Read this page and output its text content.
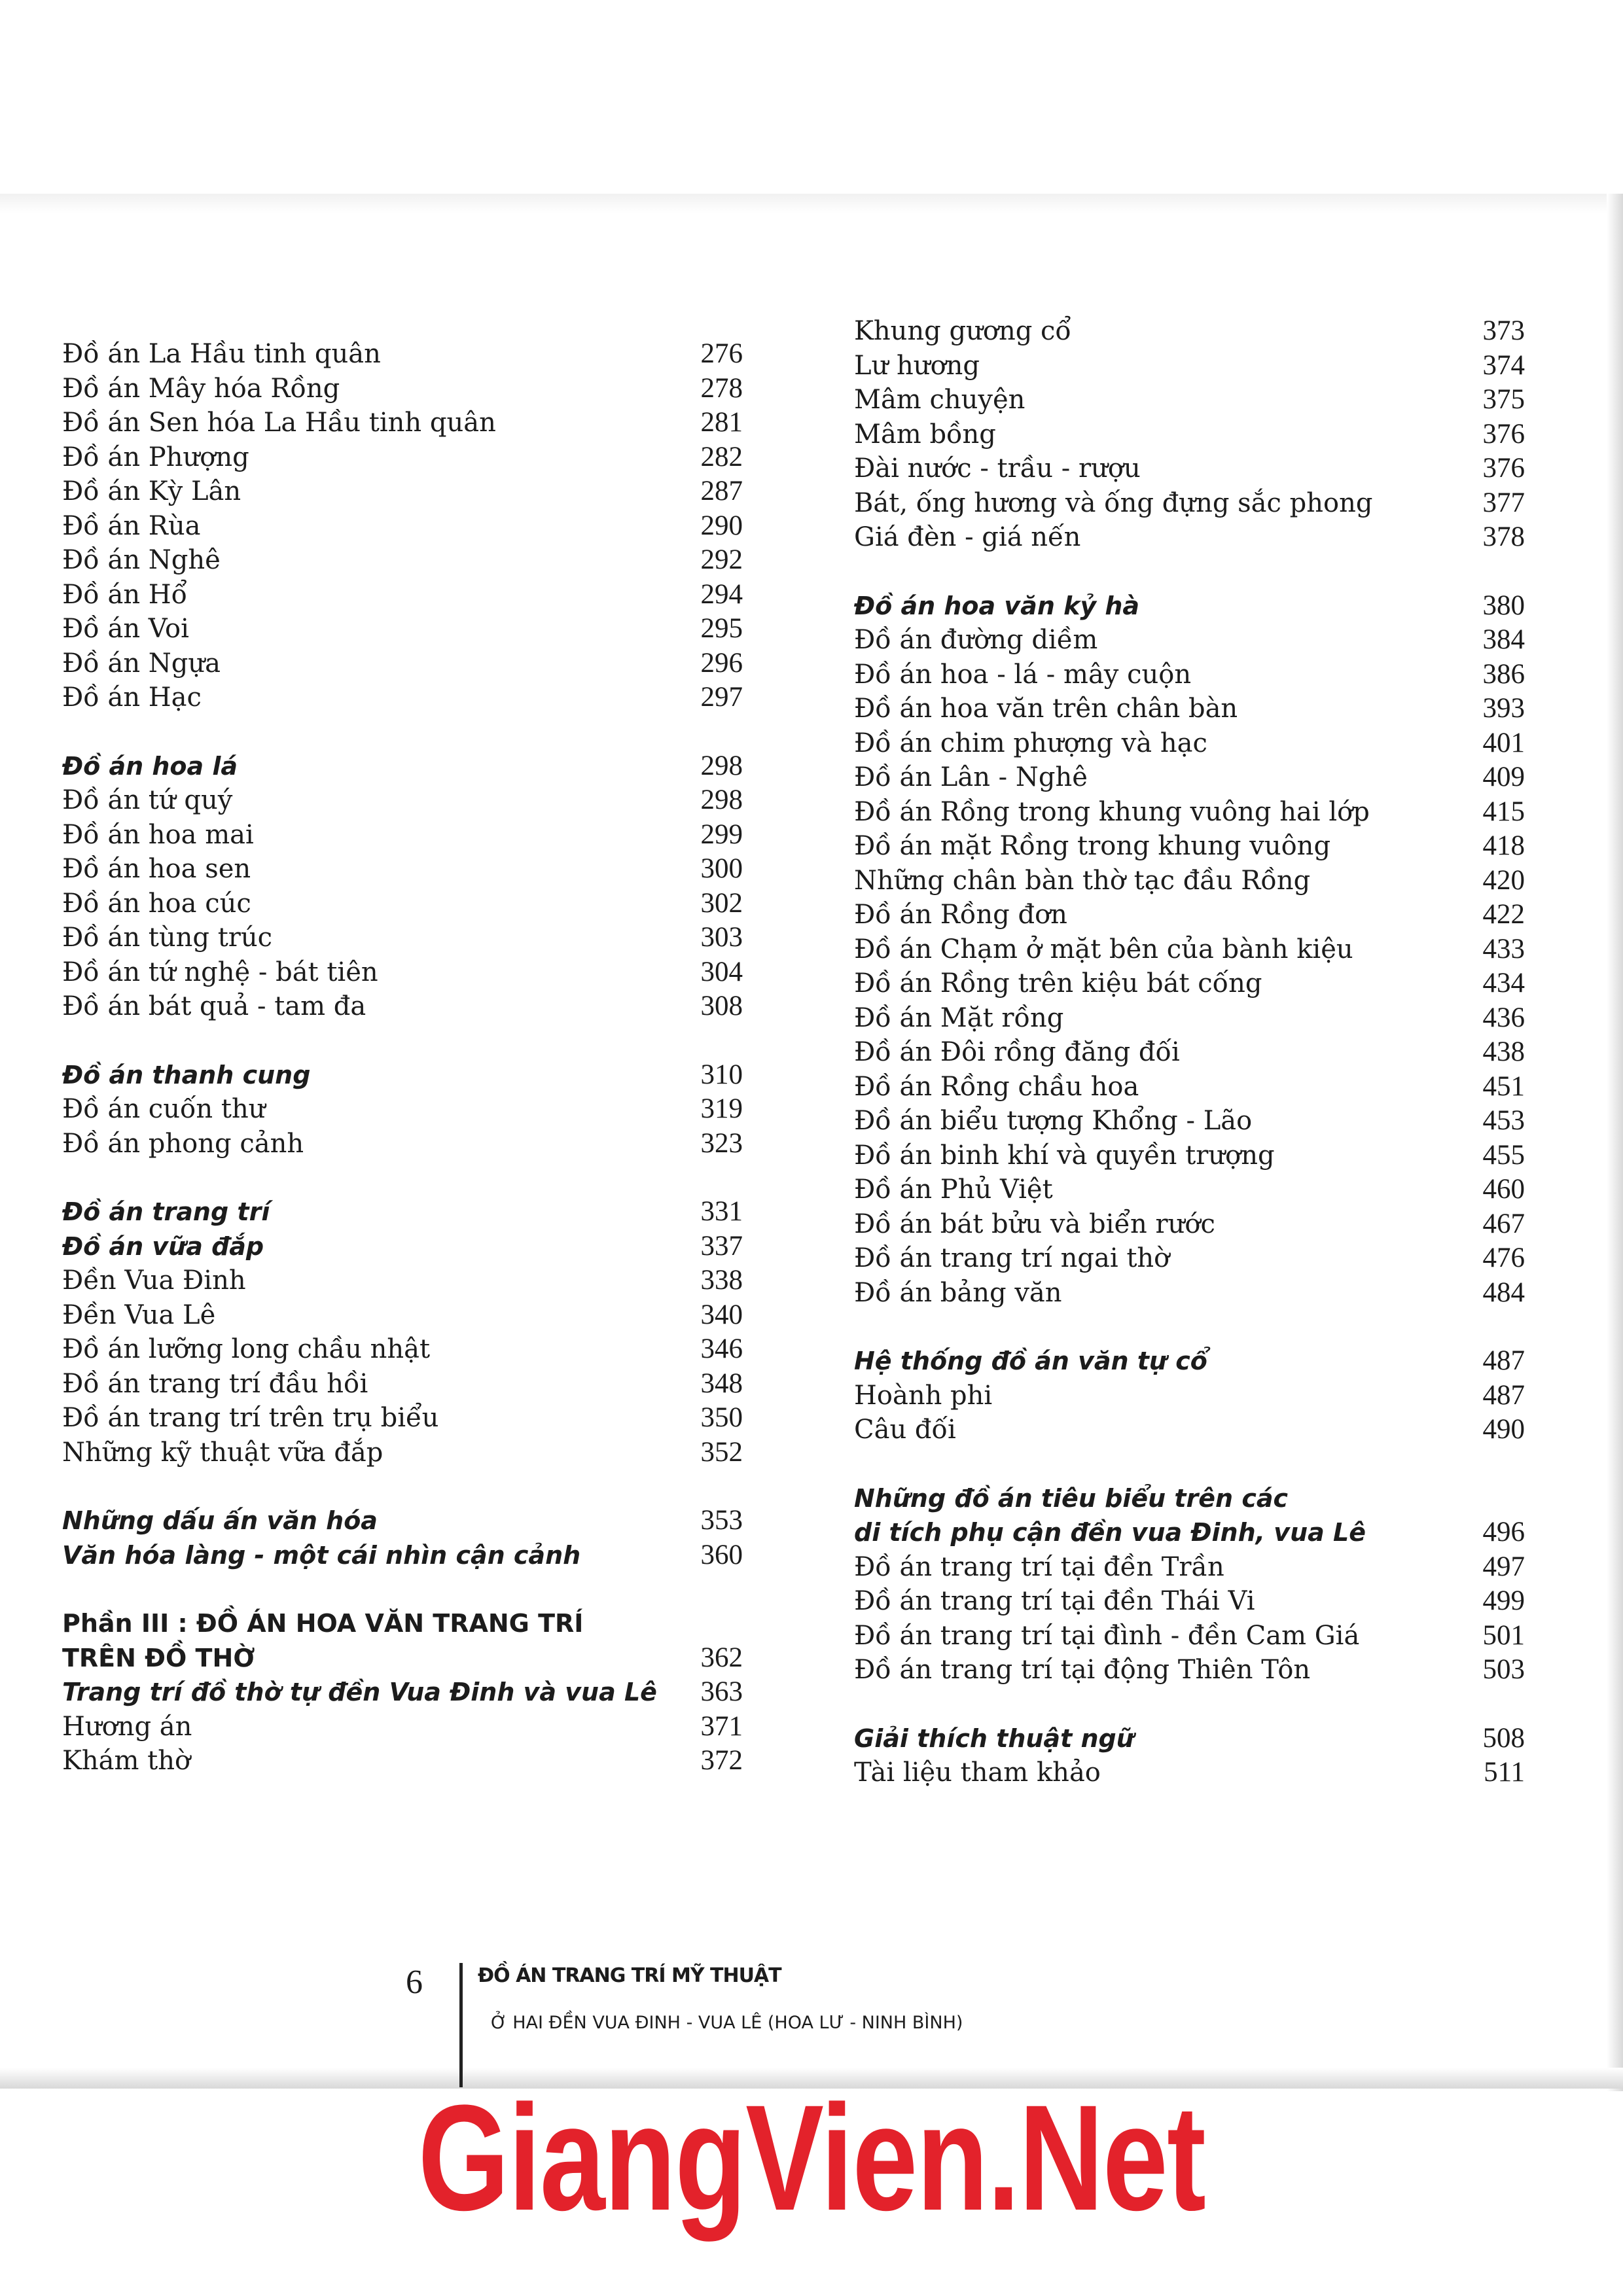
Đồ án La Hầu tinh quân	276
Đồ án Mây hóa Rồng	278
Đồ án Sen hóa La Hầu tinh quân	281
Đồ án Phượng	282
Đồ án Kỳ Lân	287
Đồ án Rùa	290
Đồ án Nghê	292
Đồ án Hổ	294
Đồ án Voi	295
Đồ án Ngựa	296
Đồ án Hạc	297
Đồ án hoa lá	298
Đồ án tứ quý	298
Đồ án hoa mai	299
Đồ án hoa sen	300
Đồ án hoa cúc	302
Đồ án tùng trúc	303
Đồ án tứ nghệ - bát tiên	304
Đồ án bát quả - tam đa	308
Đồ án thanh cung	310
Đồ án cuốn thư	319
Đồ án phong cảnh	323
Đồ án trang trí	331
Đồ án vữa đắp	337
Đền Vua Đinh	338
Đền Vua Lê	340
Đồ án lưỡng long chầu nhật	346
Đồ án trang trí đầu hồi	348
Đồ án trang trí trên trụ biểu	350
Những kỹ thuật vữa đắp	352
Những dấu ấn văn hóa	353
Văn hóa làng - một cái nhìn cận cảnh	360
Phần III : ĐỒ ÁN HOA VĂN TRANG TRÍ
TRÊN ĐỒ THỜ	362
Trang trí đồ thờ tự đền Vua Đinh và vua Lê	363
Hương án	371
Khám thờ	372
Khung gương cổ	373
Lư hương	374
Mâm chuyện	375
Mâm bồng	376
Đài nước - trầu - rượu	376
Bát, ống hương và ống đựng sắc phong	377
Giá đèn - giá nến	378
Đồ án hoa văn kỷ hà	380
Đồ án đường diềm	384
Đồ án hoa - lá - mây cuộn	386
Đồ án hoa văn trên chân bàn	393
Đồ án chim phượng và hạc	401
Đồ án Lân - Nghê	409
Đồ án Rồng trong khung vuông hai lớp	415
Đồ án mặt Rồng trong khung vuông	418
Những chân bàn thờ tạc đầu Rồng	420
Đồ án Rồng đơn	422
Đồ án Chạm ở mặt bên của bành kiệu	433
Đồ án Rồng trên kiệu bát cống	434
Đồ án Mặt rồng	436
Đồ án Đôi rồng đăng đối	438
Đồ án Rồng chầu hoa	451
Đồ án biểu tượng Khổng - Lão	453
Đồ án binh khí và quyền trượng	455
Đồ án Phủ Việt	460
Đồ án bát bửu và biển rước	467
Đồ án trang trí ngai thờ	476
Đồ án bảng văn	484
Hệ thống đồ án văn tự cổ	487
Hoành phi	487
Câu đối	490
Những đồ án tiêu biểu trên các
di tích phụ cận đền vua Đinh, vua Lê	496
Đồ án trang trí tại đền Trần	497
Đồ án trang trí tại đền Thái Vi	499
Đồ án trang trí tại đình - đền Cam Giá	501
Đồ án trang trí tại động Thiên Tôn	503
Giải thích thuật ngữ	508
Tài liệu tham khảo	511
6	ĐỒ ÁN TRANG TRÍ MỸ THUẬT
Ở HAI ĐỀN VUA ĐINH - VUA LÊ (HOA LƯ - NINH BÌNH)
GiangVien.Net
